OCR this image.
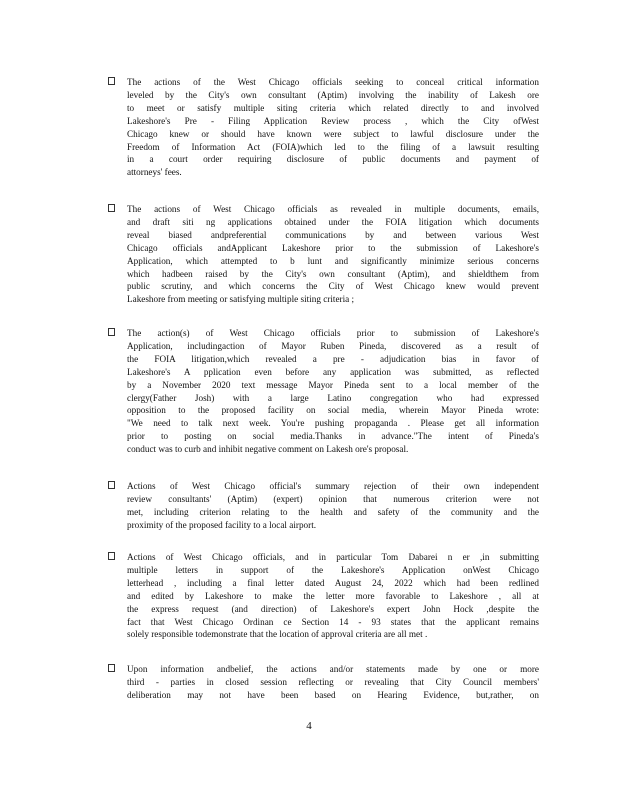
The actions of the West Chicago officials seeking to conceal critical information
leveled by the City's own consultant (Aptim) involving the inability of Lakesh ore
to meet or satisfy multiple siting criteria which related directly to and involved
Lakeshore's Pre - Filing Application Review process , which the City ofWest
Chicago knew or should have known were subject to lawful disclosure under the
Freedom of Information Act (FOIA)which led to the filing of a lawsuit resulting
in a court order requiring disclosure of public documents and payment of
attorneys' fees.
The actions of West Chicago officials as revealed in multiple documents, emails,
and draft siti ng applications obtained under the FOIA litigation which documents
reveal biased andpreferential communications by and between various West
Chicago officials andApplicant Lakeshore prior to the submission of Lakeshore's
Application, which attempted to b lunt and significantly minimize serious concerns
which hadbeen raised by the City's own consultant (Aptim), and shieldthem from
public scrutiny, and which concerns the City of West Chicago knew would prevent
Lakeshore from meeting or satisfying multiple siting criteria ;
The action(s) of West Chicago officials prior to submission of Lakeshore's
Application, includingaction of Mayor Ruben Pineda, discovered as a result of
the FOIA litigation,which revealed a pre - adjudication bias in favor of
Lakeshore's A pplication even before any application was submitted, as reflected
by a November 2020 text message Mayor Pineda sent to a local member of the
clergy(Father Josh) with a large Latino congregation who had expressed
opposition to the proposed facility on social media, wherein Mayor Pineda wrote:
"We need to talk next week. You're pushing propaganda . Please get all information
prior to posting on social media.Thanks in advance."The intent of Pineda's
conduct was to curb and inhibit negative comment on Lakesh ore's proposal.
Actions of West Chicago official's summary rejection of their own independent
review consultants' (Aptim) (expert) opinion that numerous criterion were not
met, including criterion relating to the health and safety of the community and the
proximity of the proposed facility to a local airport.
Actions of West Chicago officials, and in particular Tom Dabarei n er ,in submitting
multiple letters in support of the Lakeshore's Application onWest Chicago
letterhead , including a final letter dated August 24, 2022 which had been redlined
and edited by Lakeshore to make the letter more favorable to Lakeshore , all at
the express request (and direction) of Lakeshore's expert John Hock ,despite the
fact that West Chicago Ordinan ce Section 14 - 93 states that the applicant remains
solely responsible todemonstrate that the location of approval criteria are all met .
Upon information andbelief, the actions and/or statements made by one or more
third - parties in closed session reflecting or revealing that City Council members'
deliberation may not have been based on Hearing Evidence, but,rather, on
4
